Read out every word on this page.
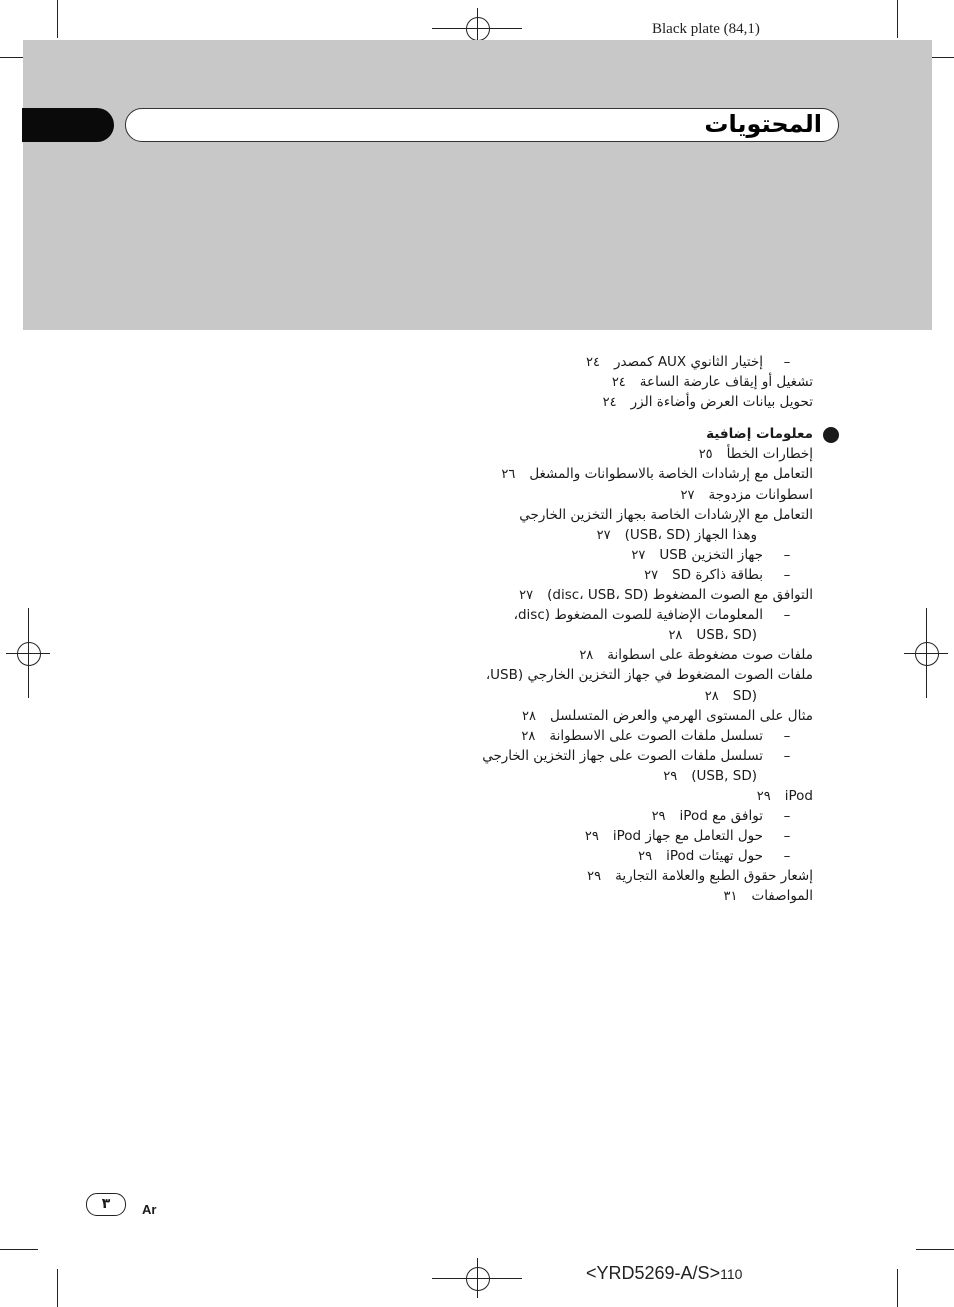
Black plate (84,1)
المحتويات
–إختيار الثانوي AUX كمصدر٢٤
تشغيل أو إيقاف عارضة الساعة٢٤
تحويل بيانات العرض وأضاءة الزر٢٤
معلومات إضافية
إخطارات الخطأ٢٥
التعامل مع إرشادات الخاصة بالاسطوانات والمشغل٢٦
اسطوانات مزدوجة٢٧
التعامل مع الإرشادات الخاصة بجهاز التخزين الخارجي
(USB، SD) وهذا الجهاز٢٧
–جهاز التخزين USB٢٧
–بطاقة ذاكرة SD٢٧
التوافق مع الصوت المضغوط (disc، USB، SD)٢٧
–المعلومات الإضافية للصوت المضغوط (disc،
USB، SD)٢٨
ملفات صوت مضغوطة على اسطوانة٢٨
ملفات الصوت المضغوط في جهاز التخزين الخارجي (USB،
SD)٢٨
مثال على المستوى الهرمي والعرض المتسلسل٢٨
–تسلسل ملفات الصوت على الاسطوانة٢٨
–تسلسل ملفات الصوت على جهاز التخزين الخارجي
(USB, SD)٢٩
iPod٢٩
–توافق مع iPod٢٩
–حول التعامل مع جهاز iPod٢٩
–حول تهيئات iPod٢٩
إشعار حقوق الطبع والعلامة التجارية٢٩
المواصفات٣١
٣	Ar
<YRD5269-A/S>110
